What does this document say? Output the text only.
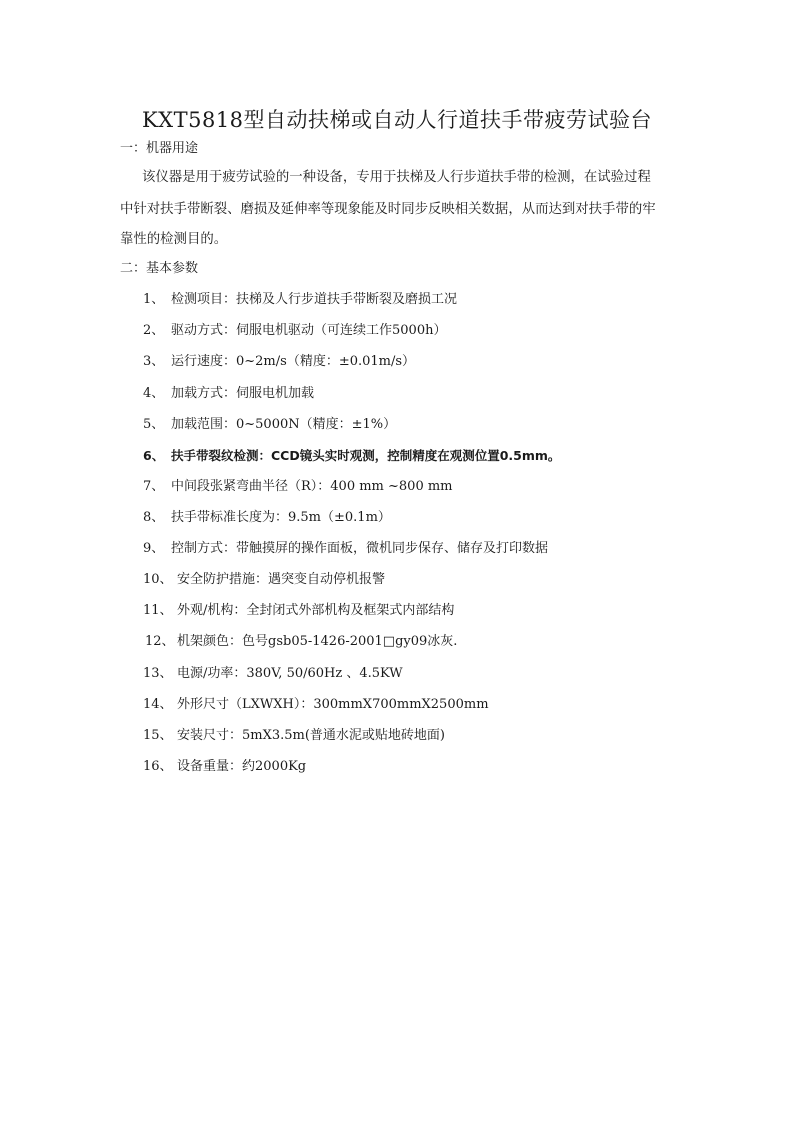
KXT5818型自动扶梯或自动人行道扶手带疲劳试验台
一：机器用途
该仪器是用于疲劳试验的一种设备，专用于扶梯及人行步道扶手带的检测，在试验过程
中针对扶手带断裂、磨损及延伸率等现象能及时同步反映相关数据，从而达到对扶手带的牢
靠性的检测目的。
二：基本参数
1、 检测项目：扶梯及人行步道扶手带断裂及磨损工况
2、 驱动方式：伺服电机驱动（可连续工作5000h）
3、 运行速度：0~2m/s（精度：±0.01m/s）
4、 加载方式：伺服电机加载
5、 加载范围：0~5000N（精度：±1%）
6、 扶手带裂纹检测：CCD镜头实时观测，控制精度在观测位置0.5mm。
7、 中间段张紧弯曲半径（R）：400 mm ~800 mm
8、 扶手带标准长度为：9.5m（±0.1m）
9、 控制方式：带触摸屏的操作面板，微机同步保存、储存及打印数据
10、 安全防护措施：遇突变自动停机报警
11、 外观/机构：全封闭式外部机构及框架式内部结构
12、 机架颜色：色号gsb05-1426-2001□gy09冰灰.
13、 电源/功率：380V, 50/60Hz 、4.5KW
14、 外形尺寸（LXWXH）：300mmX700mmX2500mm
15、 安装尺寸：5mX3.5m(普通水泥或贴地砖地面)
16、 设备重量：约2000Kg
